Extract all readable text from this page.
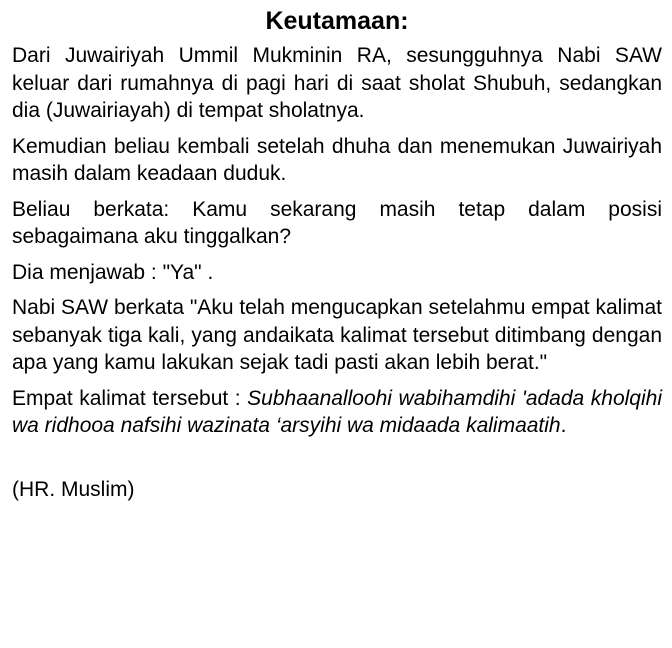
Keutamaan:

Dari Juwairiyah Ummil Mukminin RA, sesungguhnya Nabi SAW keluar dari rumahnya di pagi hari di saat sholat Shubuh, sedangkan dia (Juwairiayah) di tempat sholatnya.

Kemudian beliau kembali setelah dhuha dan menemukan Juwairiyah masih dalam keadaan duduk.

Beliau berkata: Kamu sekarang masih tetap dalam posisi sebagaimana aku tinggalkan?

Dia menjawab : "Ya" .

Nabi SAW berkata "Aku telah mengucapkan setelahmu empat kalimat sebanyak tiga kali, yang andaikata kalimat tersebut ditimbang dengan apa yang kamu lakukan sejak tadi pasti akan lebih berat."

Empat kalimat tersebut : Subhaanalloohi wabihamdihi 'adada kholqihi wa ridhooa nafsihi wazinata ‘arsyihi wa midaada kalimaatih.

(HR. Muslim)
